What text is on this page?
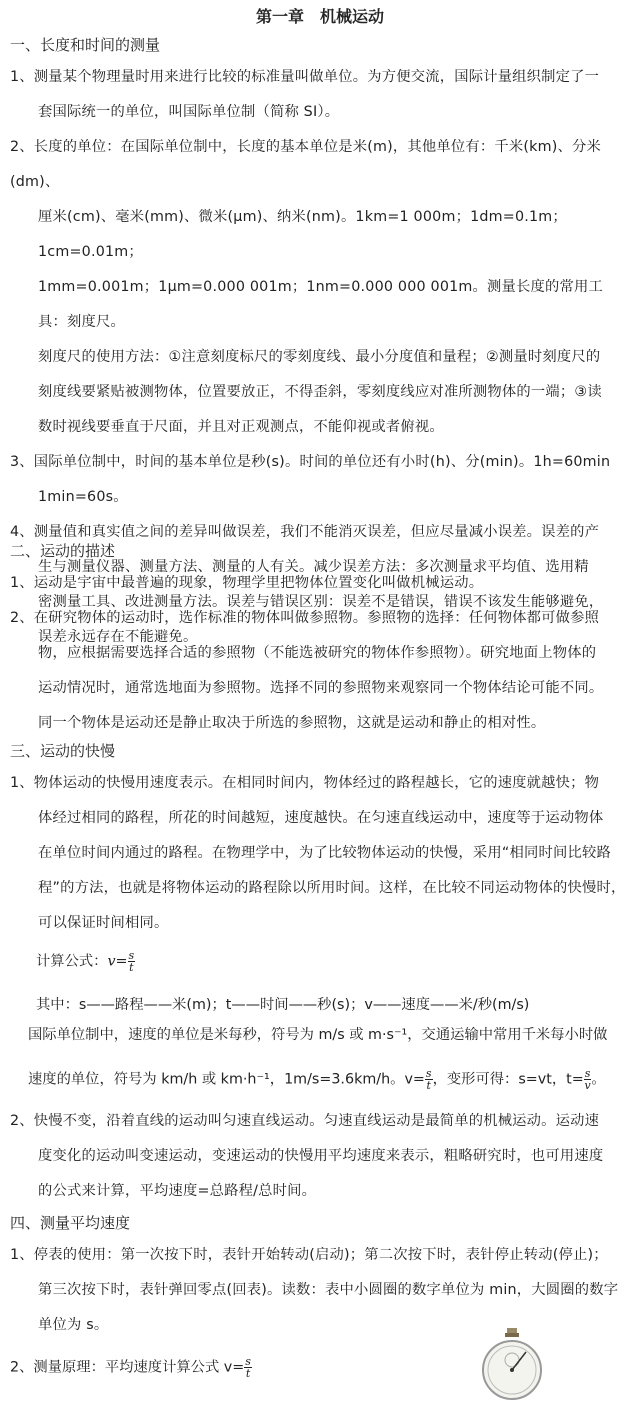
第一章　机械运动
一、长度和时间的测量
1、测量某个物理量时用来进行比较的标准量叫做单位。为方便交流，国际计量组织制定了一
套国际统一的单位，叫国际单位制（简称 SI）。
2、长度的单位：在国际单位制中，长度的基本单位是米(m)，其他单位有：千米(km)、分米(dm)、
厘米(cm)、毫米(mm)、微米(μm)、纳米(nm)。1km=1 000m；1dm=0.1m；1cm=0.01m；
1mm=0.001m；1μm=0.000 001m；1nm=0.000 000 001m。测量长度的常用工具：刻度尺。
刻度尺的使用方法：①注意刻度标尺的零刻度线、最小分度值和量程；②测量时刻度尺的
刻度线要紧贴被测物体，位置要放正，不得歪斜，零刻度线应对准所测物体的一端；③读
数时视线要垂直于尺面，并且对正观测点，不能仰视或者俯视。
3、国际单位制中，时间的基本单位是秒(s)。时间的单位还有小时(h)、分(min)。1h=60min
1min=60s。
4、测量值和真实值之间的差异叫做误差，我们不能消灭误差，但应尽量减小误差。误差的产
生与测量仪器、测量方法、测量的人有关。减少误差方法：多次测量求平均值、选用精
密测量工具、改进测量方法。误差与错误区别：误差不是错误，错误不该发生能够避免，
误差永远存在不能避免。
二、运动的描述
1、运动是宇宙中最普遍的现象，物理学里把物体位置变化叫做机械运动。
2、在研究物体的运动时，选作标准的物体叫做参照物。参照物的选择：任何物体都可做参照
物，应根据需要选择合适的参照物（不能选被研究的物体作参照物）。研究地面上物体的
运动情况时，通常选地面为参照物。选择不同的参照物来观察同一个物体结论可能不同。
同一个物体是运动还是静止取决于所选的参照物，这就是运动和静止的相对性。
三、运动的快慢
1、物体运动的快慢用速度表示。在相同时间内，物体经过的路程越长，它的速度就越快；物
体经过相同的路程，所花的时间越短，速度越快。在匀速直线运动中，速度等于运动物体
在单位时间内通过的路程。在物理学中，为了比较物体运动的快慢，采用“相同时间比较路
程”的方法，也就是将物体运动的路程除以所用时间。这样，在比较不同运动物体的快慢时，
可以保证时间相同。
计算公式：$v= \frac{s}{t}$
其中：s——路程——米(m)；t——时间——秒(s)；v——速度——米/秒(m/s)
国际单位制中，速度的单位是米每秒，符号为 m/s 或 m·s⁻¹，交通运输中常用千米每小时做
速度的单位，符号为 km/h 或 km·h⁻¹，1m/s=3.6km/h。$v= \frac{s}{t}$，变形可得：s=vt，$t= \frac{s}{v}$。
2、快慢不变，沿着直线的运动叫匀速直线运动。匀速直线运动是最简单的机械运动。运动速
度变化的运动叫变速运动，变速运动的快慢用平均速度来表示，粗略研究时，也可用速度
的公式来计算，平均速度=总路程/总时间。
四、测量平均速度
1、停表的使用：第一次按下时，表针开始转动(启动)；第二次按下时，表针停止转动(停止)；
第三次按下时，表针弹回零点(回表)。读数：表中小圆圈的数字单位为 min，大圆圈的数字
单位为 s。
2、测量原理：平均速度计算公式 $v= \frac{s}{t}$
